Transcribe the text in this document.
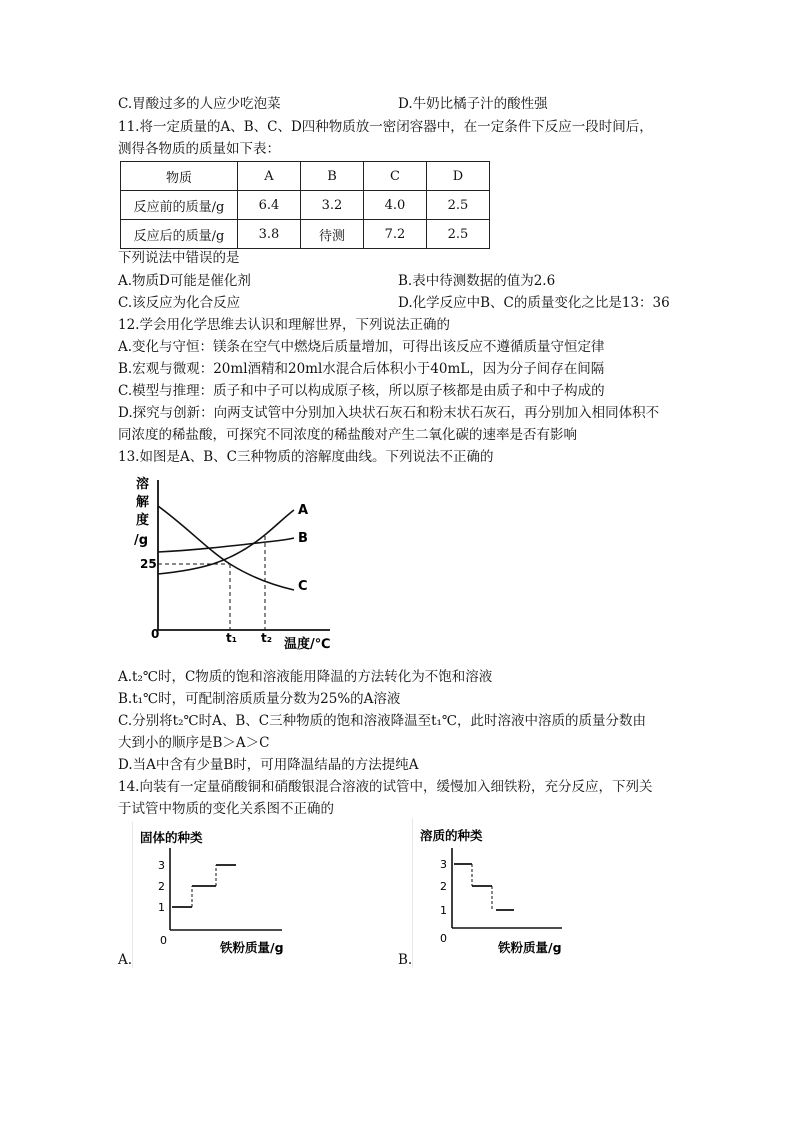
C.胃酸过多的人应少吃泡菜	D.牛奶比橘子汁的酸性强
11.将一定质量的A、B、C、D四种物质放一密闭容器中，在一定条件下反应一段时间后，
测得各物质的质量如下表：
物质	A	B	C	D
反应前的质量/g	6.4	3.2	4.0	2.5
反应后的质量/g	3.8	待测	7.2	2.5
下列说法中错误的是
A.物质D可能是催化剂	B.表中待测数据的值为2.6
C.该反应为化合反应	D.化学反应中B、C的质量变化之比是13：36
12.学会用化学思维去认识和理解世界，下列说法正确的
A.变化与守恒：镁条在空气中燃烧后质量增加，可得出该反应不遵循质量守恒定律
B.宏观与微观：20ml酒精和20ml水混合后体积小于40mL，因为分子间存在间隔
C.模型与推理：质子和中子可以构成原子核，所以原子核都是由质子和中子构成的
D.探究与创新：向两支试管中分别加入块状石灰石和粉末状石灰石，再分别加入相同体积不
同浓度的稀盐酸，可探究不同浓度的稀盐酸对产生二氧化碳的速率是否有影响
13.如图是A、B、C三种物质的溶解度曲线。下列说法不正确的
溶
解
度
/g
A
B
C
25
0	t₁ t₂ 温度/℃
A.t₂℃时，C物质的饱和溶液能用降温的方法转化为不饱和溶液
B.t₁℃时，可配制溶质质量分数为25%的A溶液
C.分别将t₂℃时A、B、C三种物质的饱和溶液降温至t₁℃，此时溶液中溶质的质量分数由
大到小的顺序是B＞A＞C
D.当A中含有少量B时，可用降温结晶的方法提纯A
14.向装有一定量硝酸铜和硝酸银混合溶液的试管中，缓慢加入细铁粉，充分反应，下列关
于试管中物质的变化关系图不正确的
A.
固体的种类
3
2
1
0	铁粉质量/g
B.
溶质的种类
3
2
1
0
铁粉质量/g
